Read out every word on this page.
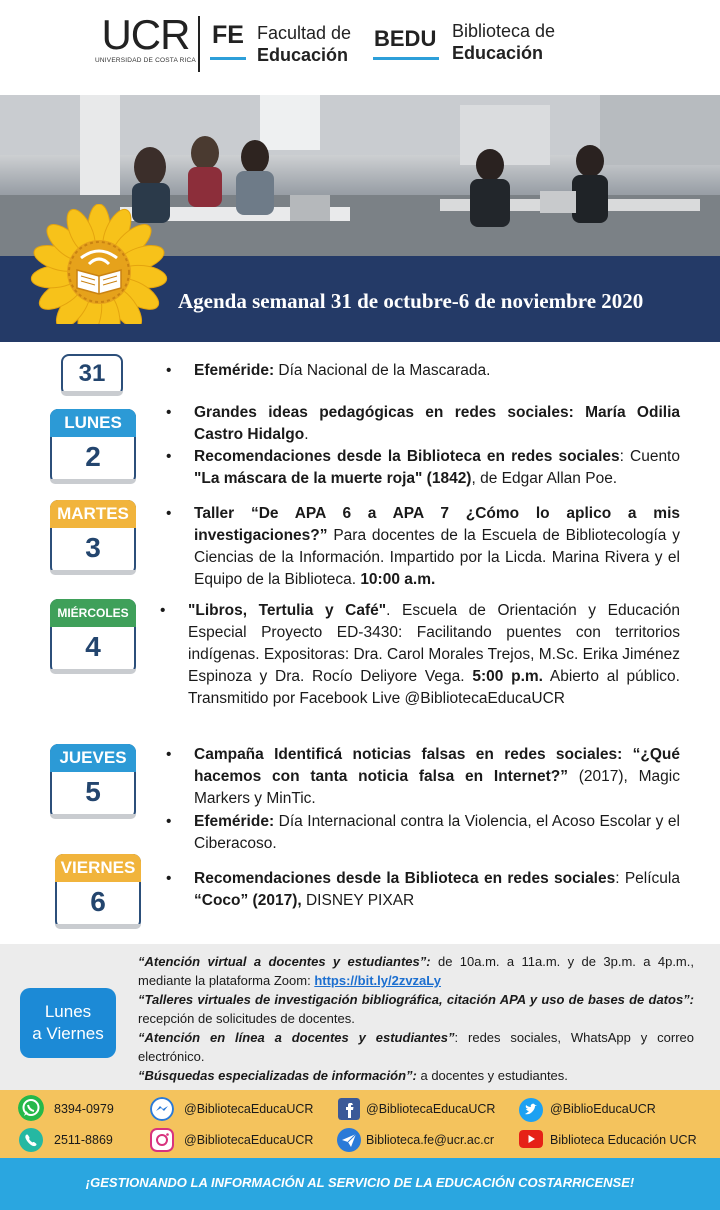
UCR
UNIVERSIDAD DE COSTA RICA
FE Facultad de
Educación
BEDU Biblioteca de
Educación
Agenda semanal 31 de octubre-6 de noviembre 2020
31
•	Efeméride: Día Nacional de la Mascarada.
LUNES
2
• Grandes ideas pedagógicas en redes sociales: María Odilia Castro Hidalgo.
• Recomendaciones desde la Biblioteca en redes sociales: Cuento "La máscara de la muerte roja" (1842), de Edgar Allan Poe.
MARTES
3
• Taller “De APA 6 a APA 7 ¿Cómo lo aplico a mis investigaciones?” Para docentes de la Escuela de Bibliotecología y Ciencias de la Información. Impartido por la Licda. Marina Rivera y el Equipo de la Biblioteca. 10:00 a.m.
MIÉRCOLES
4
• "Libros, Tertulia y Café". Escuela de Orientación y Educación Especial Proyecto ED-3430: Facilitando puentes con territorios indígenas. Expositoras: Dra. Carol Morales Trejos, M.Sc. Erika Jiménez Espinoza y Dra. Rocío Deliyore Vega. 5:00 p.m. Abierto al público. Transmitido por Facebook Live @BibliotecaEducaUCR
JUEVES
5
• Campaña Identificá noticias falsas en redes sociales: “¿Qué hacemos con tanta noticia falsa en Internet?” (2017), Magic Markers y MinTic.
• Efeméride: Día Internacional contra la Violencia, el Acoso Escolar y el Ciberacoso.
VIERNES
6
• Recomendaciones desde la Biblioteca en redes sociales: Película “Coco” (2017), DISNEY PIXAR
Lunes
a Viernes
“Atención virtual a docentes y estudiantes”: de 10a.m. a 11a.m. y de 3p.m. a 4p.m., mediante la plataforma Zoom: https://bit.ly/2zvzaLy
“Talleres virtuales de investigación bibliográfica, citación APA y uso de bases de datos”: recepción de solicitudes de docentes.
“Atención en línea a docentes y estudiantes”: redes sociales, WhatsApp y correo electrónico.
“Búsquedas especializadas de información”: a docentes y estudiantes.
8394-0979	@BibliotecaEducaUCR	@BibliotecaEducaUCR	@BiblioEducaUCR
2511-8869	@BibliotecaEducaUCR	Biblioteca.fe@ucr.ac.cr	Biblioteca Educación UCR
¡GESTIONANDO LA INFORMACIÓN AL SERVICIO DE LA EDUCACIÓN COSTARRICENSE!
